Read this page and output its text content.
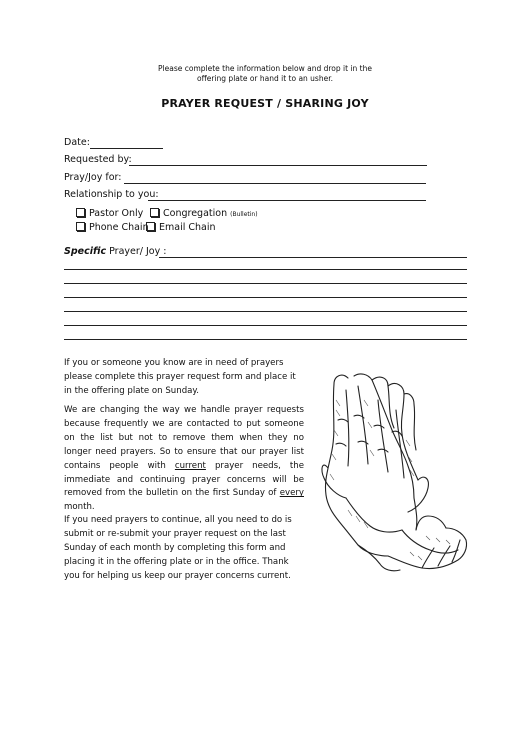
Please complete the information below and drop it in the offering plate or hand it to an usher.
PRAYER REQUEST / SHARING JOY
Date:
Requested by:
Pray/Joy for:
Relationship to you:
Pastor Only	Congregation (Bulletin)
Phone Chain	Email Chain
Specific Prayer/ Joy :
If you or someone you know are in need of prayers please complete this prayer request form and place it in the offering plate on Sunday.
We are changing the way we handle prayer requests because frequently we are contacted to put someone on the list but not to remove them when they no longer need prayers. So to ensure that our prayer list contains people with current prayer needs, the immediate and continuing prayer concerns will be removed from the bulletin on the first Sunday of every month.
If you need prayers to continue, all you need to do is submit or re-submit your prayer request on the last Sunday of each month by completing this form and placing it in the offering plate or in the office. Thank you for helping us keep our prayer concerns current.
